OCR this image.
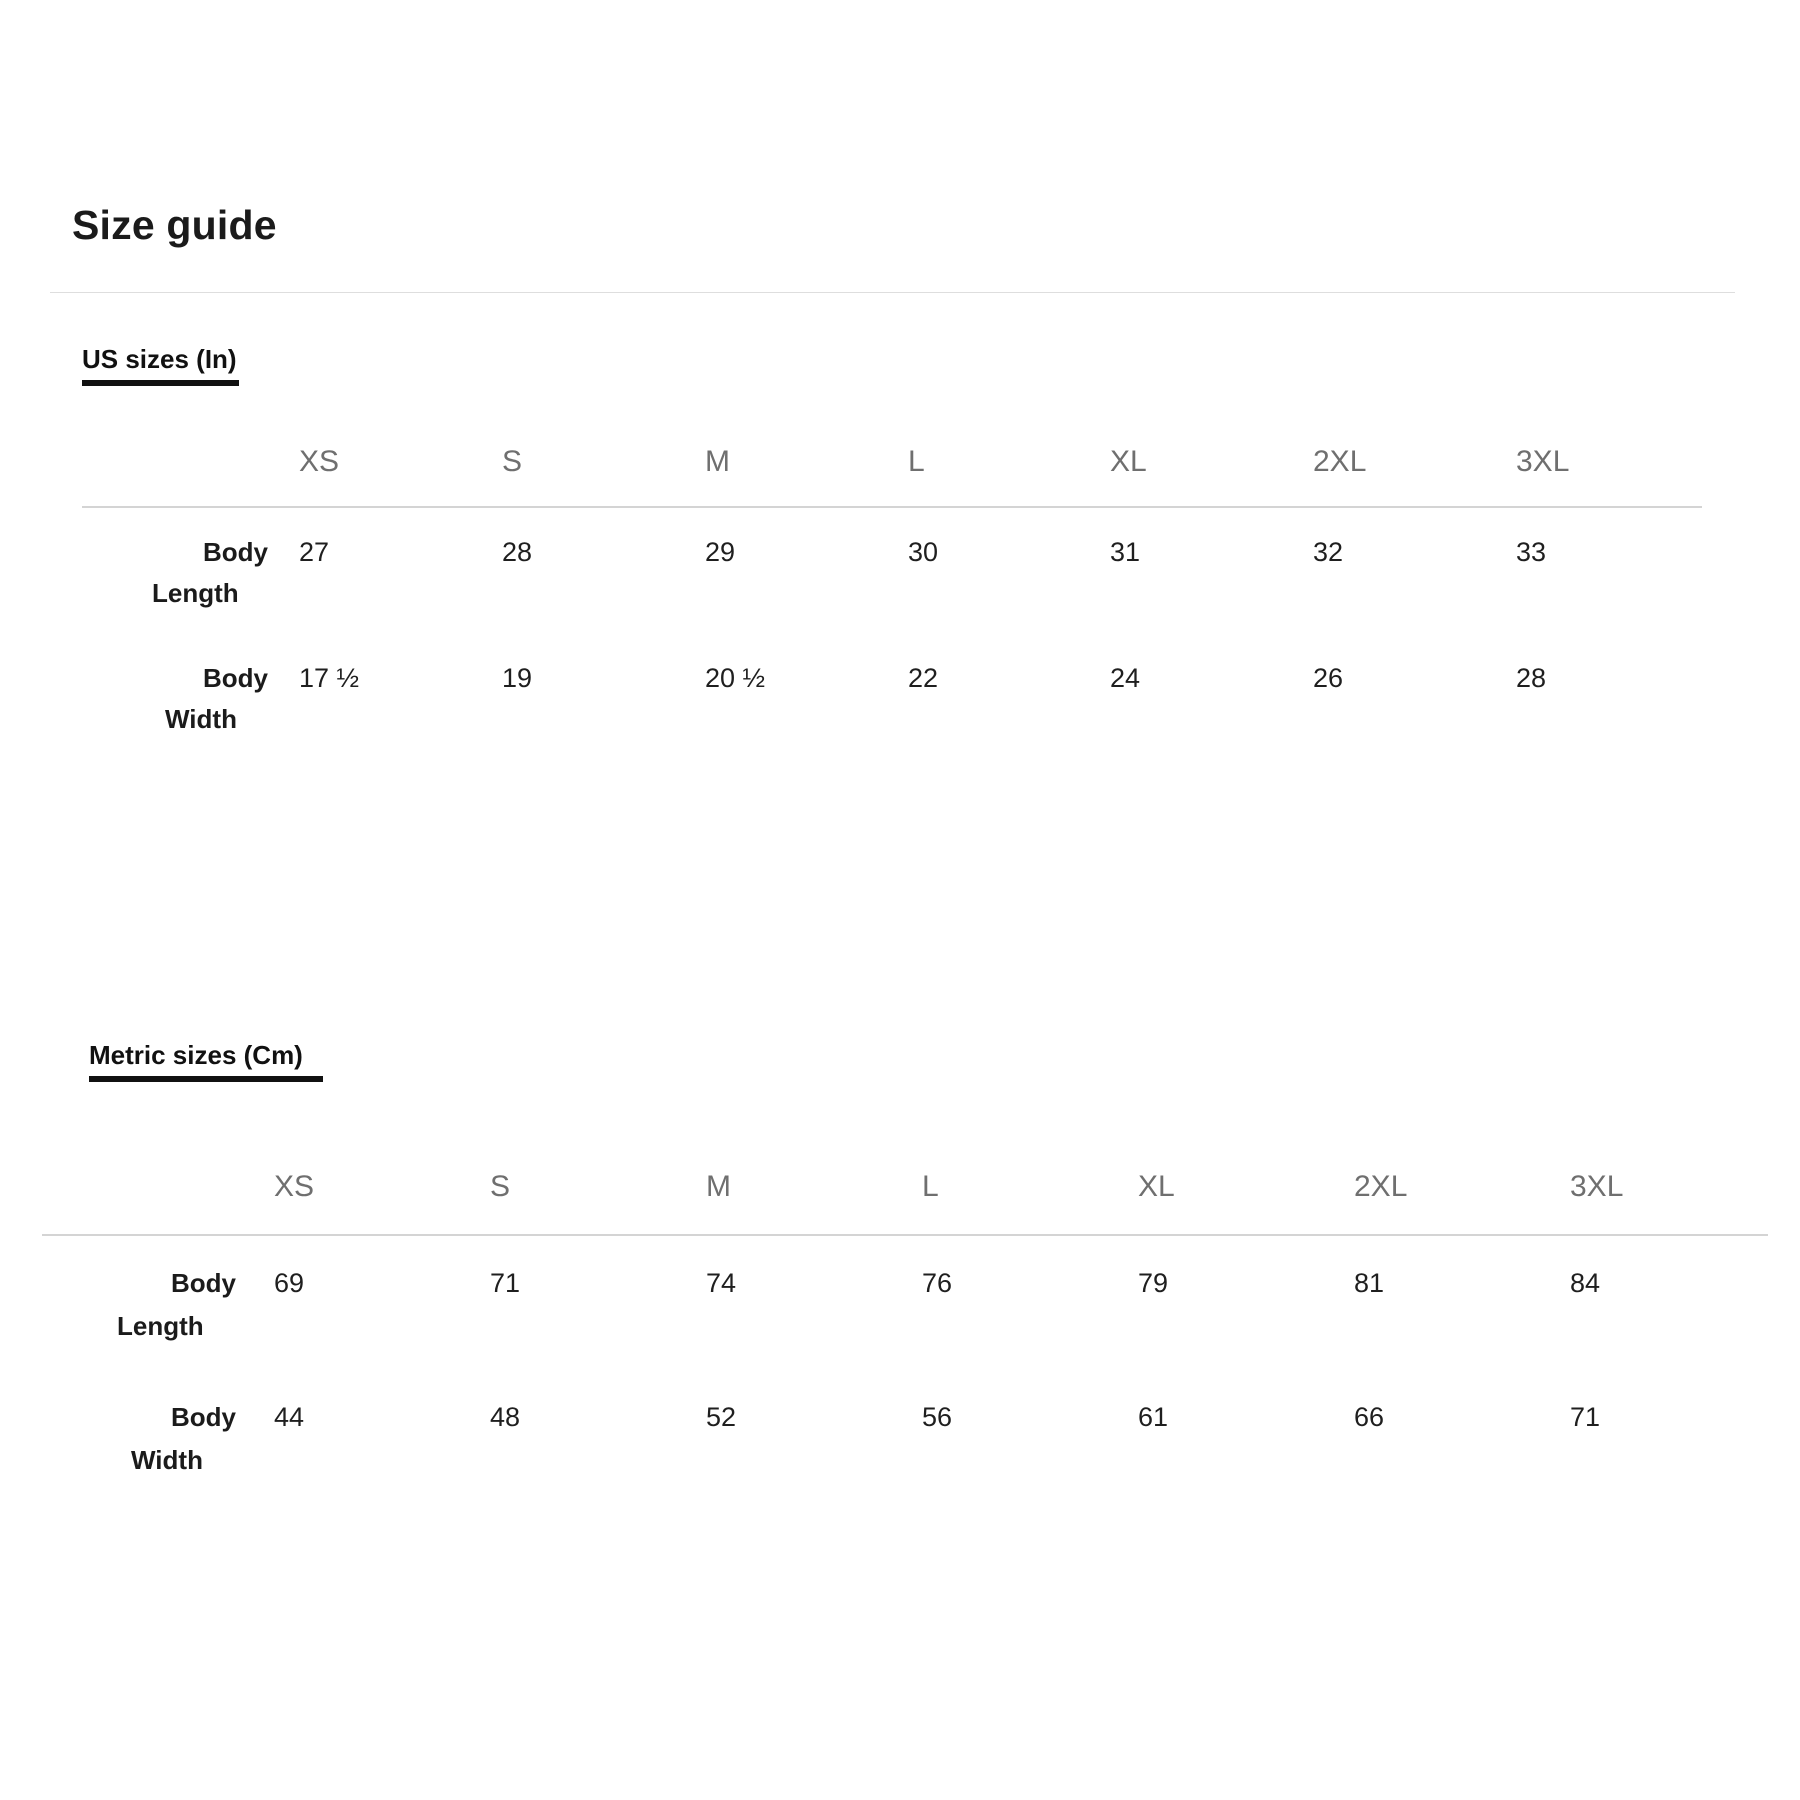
Size guide
US sizes (In)
XS	S	M	L	XL	2XL	3XL
Body
Length
27	28	29	30	31	32	33
Body
Width
17 ½	19	20 ½	22	24	26	28
Metric sizes (Cm)
XS	S	M	L	XL	2XL	3XL
Body
Length
69	71	74	76	79	81	84
Body
Width
44	48	52	56	61	66	71
